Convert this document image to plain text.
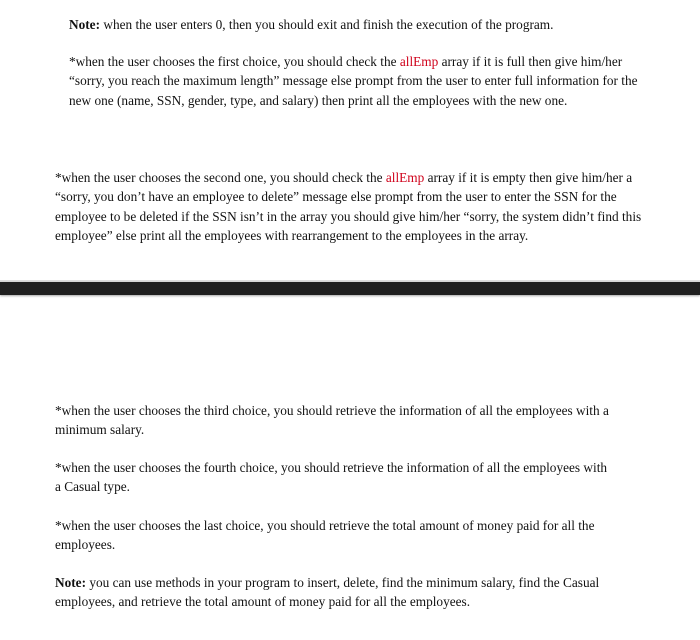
Note: when the user enters 0, then you should exit and finish the execution of the program.

*when the user chooses the first choice, you should check the allEmp array if it is full then give him/her “sorry, you reach the maximum length” message else prompt from the user to enter full information for the new one (name, SSN, gender, type, and salary) then print all the employees with the new one.

*when the user chooses the second one, you should check the allEmp array if it is empty then give him/her a “sorry, you don’t have an employee to delete” message else prompt from the user to enter the SSN for the employee to be deleted if the SSN isn’t in the array you should give him/her “sorry, the system didn’t find this employee” else print all the employees with rearrangement to the employees in the array.

*when the user chooses the third choice, you should retrieve the information of all the employees with a minimum salary.

*when the user chooses the fourth choice, you should retrieve the information of all the employees with a Casual type.

*when the user chooses the last choice, you should retrieve the total amount of money paid for all the employees.

Note: you can use methods in your program to insert, delete, find the minimum salary, find the Casual employees, and retrieve the total amount of money paid for all the employees.
